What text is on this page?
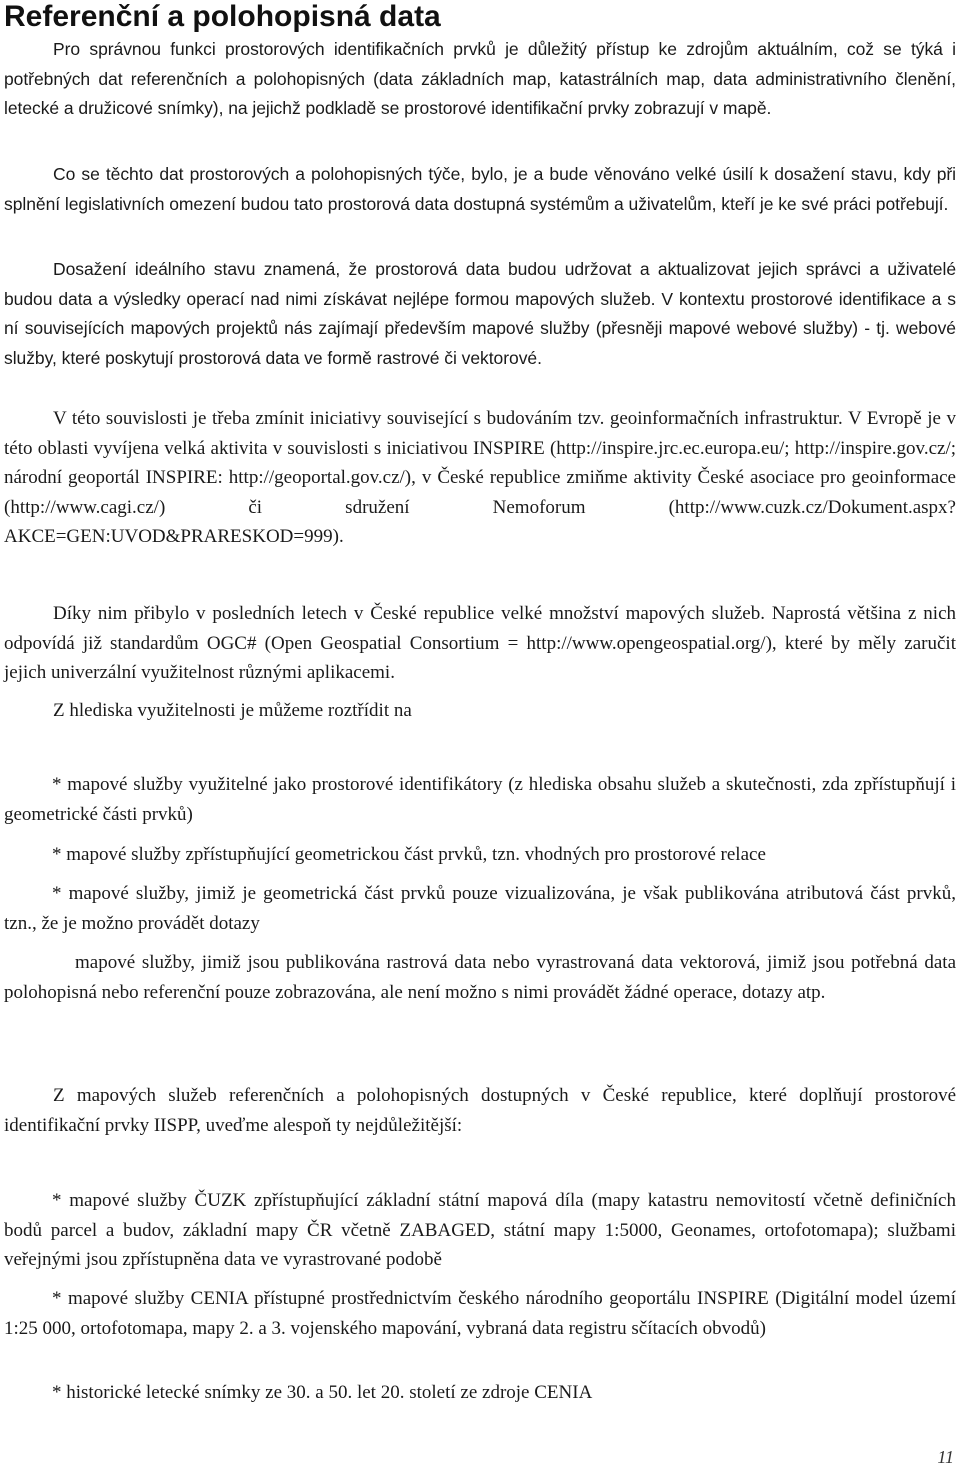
Referenční a polohopisná data

Pro správnou funkci prostorových identifikačních prvků je důležitý přístup ke zdrojům aktuálním, což se týká i potřebných dat referenčních a polohopisných (data základních map, katastrálních map, data administrativního členění, letecké a družicové snímky), na jejichž podkladě se prostorové identifikační prvky zobrazují v mapě.

Co se těchto dat prostorových a polohopisných týče, bylo, je a bude věnováno velké úsilí k dosažení stavu, kdy při splnění legislativních omezení budou tato prostorová data dostupná systémům a uživatelům, kteří je ke své práci potřebují.

Dosažení ideálního stavu znamená, že prostorová data budou udržovat a aktualizovat jejich správci a uživatelé budou data a výsledky operací nad nimi získávat nejlépe formou mapových služeb. V kontextu prostorové identifikace a s ní souvisejících mapových projektů nás zajímají především mapové služby (přesněji mapové webové služby) - tj. webové služby, které poskytují prostorová data ve formě rastrové či vektorové.

V této souvislosti je třeba zmínit iniciativy související s budováním tzv. geoinformačních infrastruktur. V Evropě je v této oblasti vyvíjena velká aktivita v souvislosti s iniciativou INSPIRE (http://inspire.jrc.ec.europa.eu/; http://inspire.gov.cz/; národní geoportál INSPIRE: http://geoportal.gov.cz/), v České republice zmiňme aktivity České asociace pro geoinformace (http://www.cagi.cz/) či sdružení Nemoforum (http://www.cuzk.cz/Dokument.aspx?AKCE=GEN:UVOD&PRARESKOD=999).

Díky nim přibylo v posledních letech v České republice velké množství mapových služeb. Naprostá většina z nich odpovídá již standardům OGC# (Open Geospatial Consortium = http://www.opengeospatial.org/), které by měly zaručit jejich univerzální využitelnost různými aplikacemi.

Z hlediska využitelnosti je můžeme roztřídit na

* mapové služby využitelné jako prostorové identifikátory (z hlediska obsahu služeb a skutečnosti, zda zpřístupňují i geometrické části prvků)

* mapové služby zpřístupňující geometrickou část prvků, tzn. vhodných pro prostorové relace

* mapové služby, jimiž je geometrická část prvků pouze vizualizována, je však publikována atributová část prvků, tzn., že je možno provádět dotazy

mapové služby, jimiž jsou publikována rastrová data nebo vyrastrovaná data vektorová, jimiž jsou potřebná data polohopisná nebo referenční pouze zobrazována, ale není možno s nimi provádět žádné operace, dotazy atp.

Z mapových služeb referenčních a polohopisných dostupných v České republice, které doplňují prostorové identifikační prvky IISPP, uveďme alespoň ty nejdůležitější:

* mapové služby ČUZK zpřístupňující základní státní mapová díla (mapy katastru nemovitostí včetně definičních bodů parcel a budov, základní mapy ČR včetně ZABAGED, státní mapy 1:5000, Geonames, ortofotomapa); službami veřejnými jsou zpřístupněna data ve vyrastrované podobě

* mapové služby CENIA přístupné prostřednictvím českého národního geoportálu INSPIRE (Digitální model území 1:25 000, ortofotomapa, mapy 2. a 3. vojenského mapování, vybraná data registru sčítacích obvodů)

* historické letecké snímky ze 30. a 50. let 20. století ze zdroje CENIA

11
